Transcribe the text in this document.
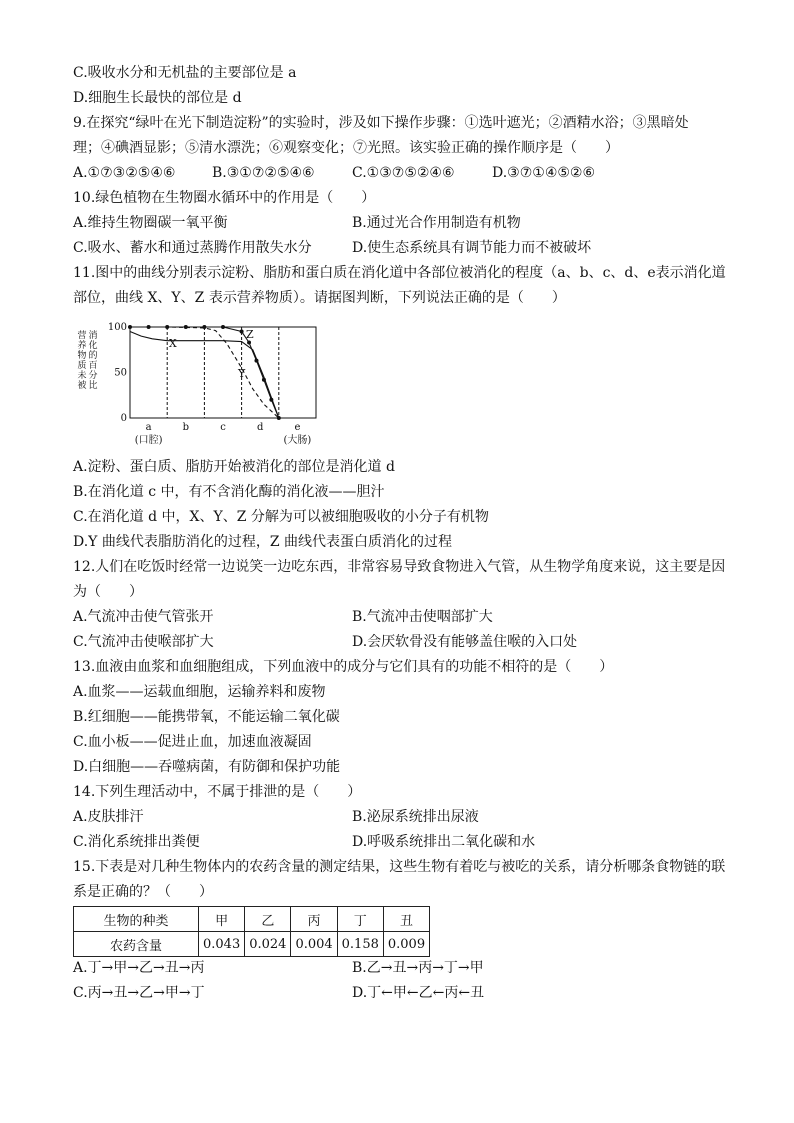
C.吸收水分和无机盐的主要部位是 a
D.细胞生长最快的部位是 d
9.在探究“绿叶在光下制造淀粉”的实验时，涉及如下操作步骤：①选叶遮光；②酒精水浴；③黑暗处
理；④碘酒显影；⑤清水漂洗；⑥观察变化；⑦光照。该实验正确的操作顺序是（　　）
A.①⑦③②⑤④⑥	B.③①⑦②⑤④⑥	C.①③⑦⑤②④⑥	D.③⑦①④⑤②⑥
10.绿色植物在生物圈水循环中的作用是（　　）
A.维持生物圈碳一氧平衡	B.通过光合作用制造有机物
C.吸水、蓄水和通过蒸腾作用散失水分	D.使生态系统具有调节能力而不被破坏
11.图中的曲线分别表示淀粉、脂肪和蛋白质在消化道中各部位被消化的程度（a、b、c、d、e表示消化道
部位，曲线 X、Y、Z 表示营养物质）。请据图判断，下列说法正确的是（　　）
营
养
物
质
未
被
消
化
的
百
分
比
100
50
0
a
(口腔)
b	c	d	e
(大肠)
X
Y
Z
A.淀粉、蛋白质、脂肪开始被消化的部位是消化道 d
B.在消化道 c 中，有不含消化酶的消化液——胆汁
C.在消化道 d 中，X、Y、Z 分解为可以被细胞吸收的小分子有机物
D.Y 曲线代表脂肪消化的过程，Z 曲线代表蛋白质消化的过程
12.人们在吃饭时经常一边说笑一边吃东西，非常容易导致食物进入气管，从生物学角度来说，这主要是因
为（　　）
A.气流冲击使气管张开	B.气流冲击使咽部扩大
C.气流冲击使喉部扩大	D.会厌软骨没有能够盖住喉的入口处
13.血液由血浆和血细胞组成，下列血液中的成分与它们具有的功能不相符的是（　　）
A.血浆——运载血细胞，运输养料和废物
B.红细胞——能携带氧，不能运输二氧化碳
C.血小板——促进止血，加速血液凝固
D.白细胞——吞噬病菌，有防御和保护功能
14.下列生理活动中，不属于排泄的是（　　）
A.皮肤排汗	B.泌尿系统排出尿液
C.消化系统排出粪便	D.呼吸系统排出二氧化碳和水
15.下表是对几种生物体内的农药含量的测定结果，这些生物有着吃与被吃的关系，请分析哪条食物链的联
系是正确的？（　　）
生物的种类	甲	乙	丙	丁	丑
农药含量	0.043	0.024	0.004	0.158	0.009
A.丁→甲→乙→丑→丙	B.乙→丑→丙→丁→甲
C.丙→丑→乙→甲→丁	D.丁←甲←乙←丙←丑
